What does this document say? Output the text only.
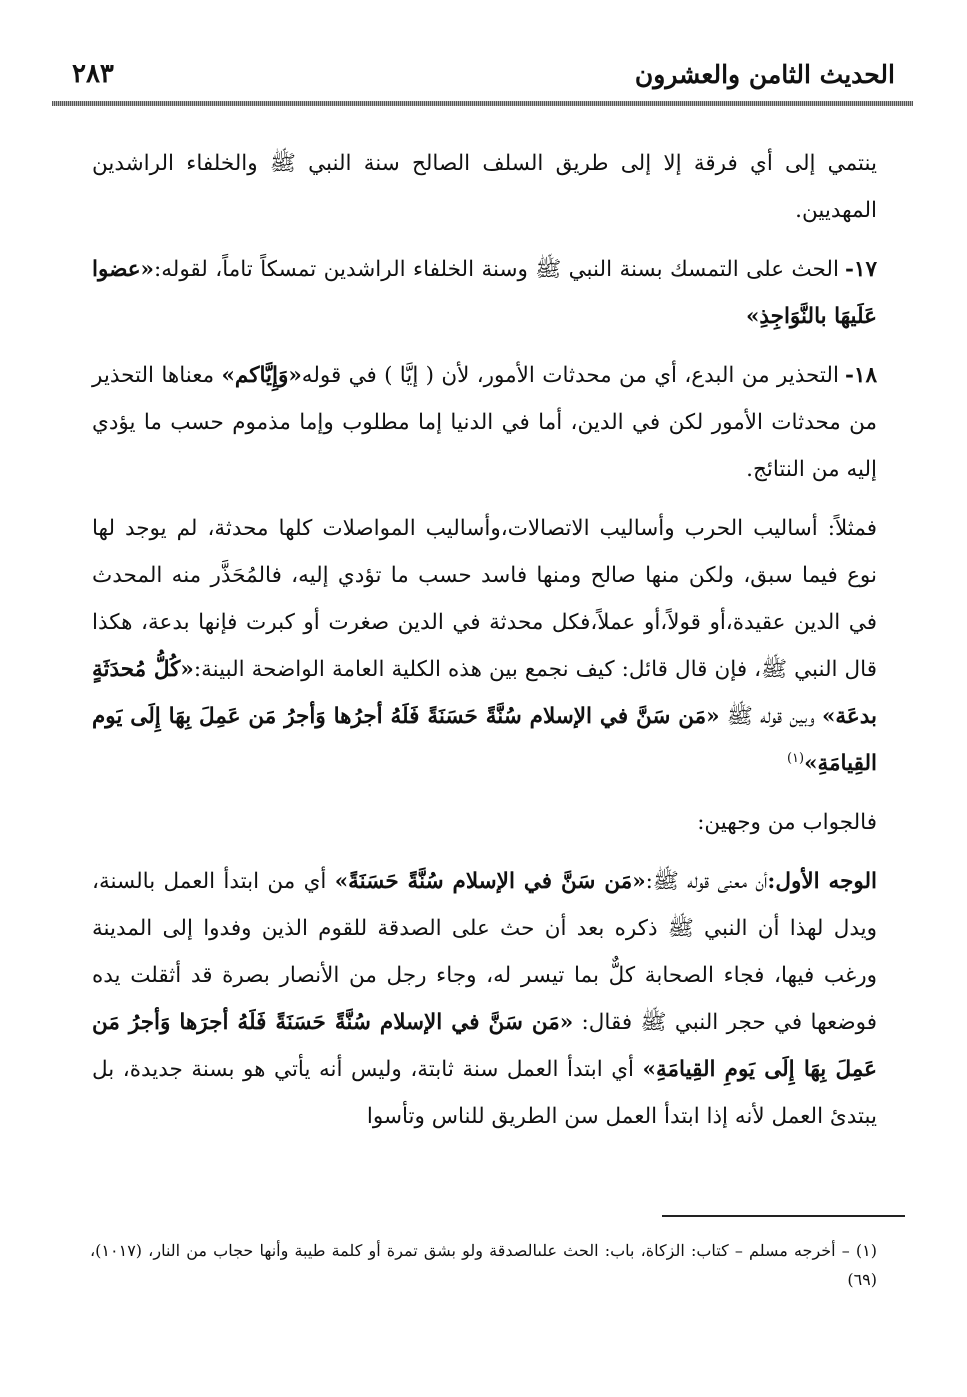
٢٨٣	الحديث الثامن والعشرون

ينتمي إلى أي فرقة إلا إلى طريق السلف الصالح سنة النبي ﷺ والخلفاء الراشدين المهديين.

١٧-الحث على التمسك بسنة النبي ﷺ وسنة الخلفاء الراشدين تمسكاً تاماً، لقوله:«عضوا عَلَيهَا بالنَّوَاجِذِ»

١٨-التحذير من البدع، أي من محدثات الأمور، لأن ( إيَّا ) في قوله«وَإِيَّاكم» معناها التحذير من محدثات الأمور لكن في الدين، أما في الدنيا إما مطلوب وإما مذموم حسب ما يؤدي إليه من النتائج.

فمثلاً: أساليب الحرب وأساليب الاتصالات،وأساليب المواصلات كلها محدثة، لم يوجد لها نوع فيما سبق، ولكن منها صالح ومنها فاسد حسب ما تؤدي إليه، فالمُحَذَّر منه المحدث في الدين عقيدة،أو قولاً،أو عملاً،فكل محدثة في الدين صغرت أو كبرت فإنها بدعة، هكذا قال النبي ﷺ، فإن قال قائل: كيف نجمع بين هذه الكلية العامة الواضحة البينة:«كُلُّ مُحدَثَةٍ بدعَة» وبين قوله ﷺ «مَن سَنَّ في الإسلام سُنَّةً حَسَنَةً فَلَهُ أجرُها وَأجرُ مَن عَمِلَ بِهَا إِلَى يَوم القِيامَةِ»$^{(١)}$

فالجواب من وجهين:

الوجه الأول:أن معنى قوله ﷺ:«مَن سَنَّ في الإسلام سُنَّةً حَسَنَةً» أي من ابتدأ العمل بالسنة، ويدل لهذا أن النبي ﷺ ذكره بعد أن حث على الصدقة للقوم الذين وفدوا إلى المدينة ورغب فيها، فجاء الصحابة كلٌّ بما تيسر له، وجاء رجل من الأنصار بصرة قد أثقلت يده فوضعها في حجر النبي ﷺ فقال: «مَن سَنَّ في الإسلام سُنَّةً حَسَنَةً فَلَهُ أجرَها وَأجرُ مَن عَمِلَ بِهَا إِلَى يَومِ القِيامَةِ» أي ابتدأ العمل سنة ثابتة، وليس أنه يأتي هو بسنة جديدة، بل يبتدئ العمل لأنه إذا ابتدأ العمل سن الطريق للناس وتأسوا

(١) – أخرجه مسلم – كتاب: الزكاة، باب: الحث علىالصدقة ولو بشق تمرة أو كلمة طيبة وأنها حجاب من النار، (١٠١٧)،(٦٩)
